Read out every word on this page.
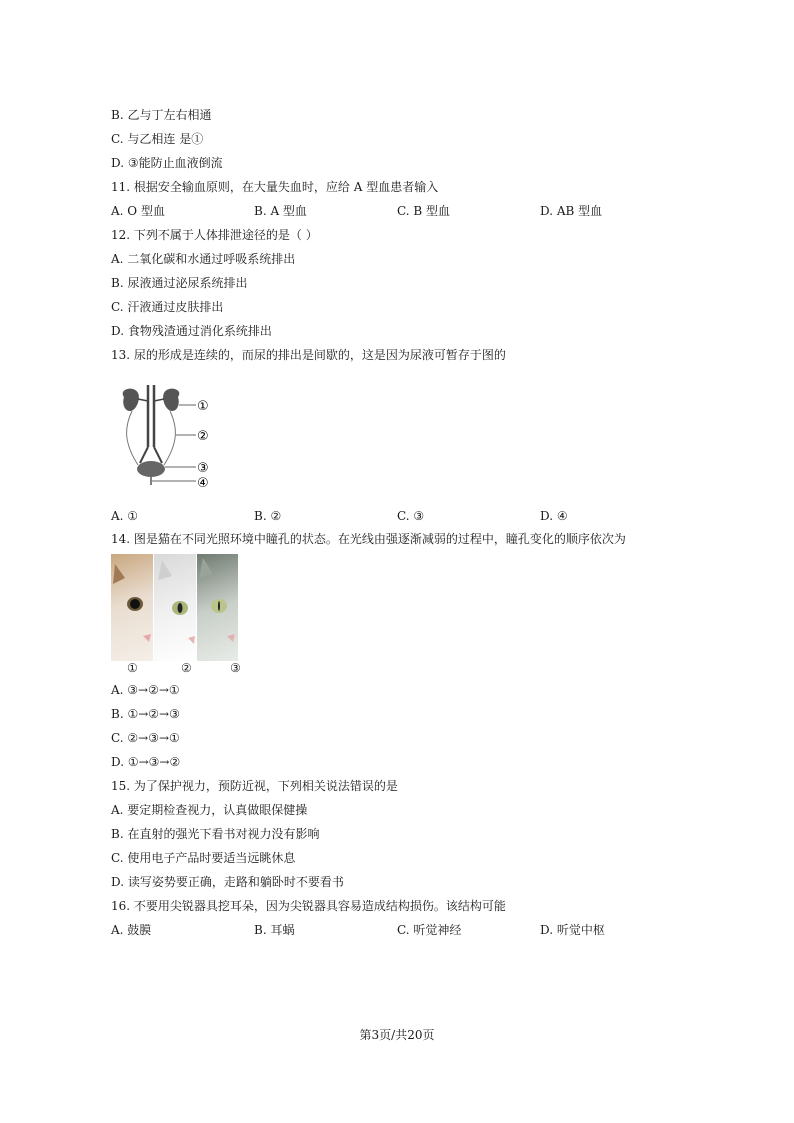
B. 乙与丁左右相通
C. 与乙相连 是①
D. ③能防止血液倒流
11. 根据安全输血原则，在大量失血时，应给 A 型血患者输入
A. O 型血	B. A 型血	C. B 型血	D. AB 型血
12. 下列不属于人体排泄途径的是（ ）
A. 二氧化碳和水通过呼吸系统排出
B. 尿液通过泌尿系统排出
C. 汗液通过皮肤排出
D. 食物残渣通过消化系统排出
13. 尿的形成是连续的，而尿的排出是间歇的，这是因为尿液可暂存于图的
①
②
③
④
A. ①	B. ②	C. ③	D. ④
14. 图是猫在不同光照环境中瞳孔的状态。在光线由强逐渐减弱的过程中，瞳孔变化的顺序依次为
①	②	③
A. ③→②→①
B. ①→②→③
C. ②→③→①
D. ①→③→②
15. 为了保护视力，预防近视，下列相关说法错误的是
A. 要定期检查视力，认真做眼保健操
B. 在直射的强光下看书对视力没有影响
C. 使用电子产品时要适当远眺休息
D. 读写姿势要正确，走路和躺卧时不要看书
16. 不要用尖锐器具挖耳朵，因为尖锐器具容易造成结构损伤。该结构可能
A. 鼓膜	B. 耳蜗	C. 听觉神经	D. 听觉中枢
第3页/共20页
